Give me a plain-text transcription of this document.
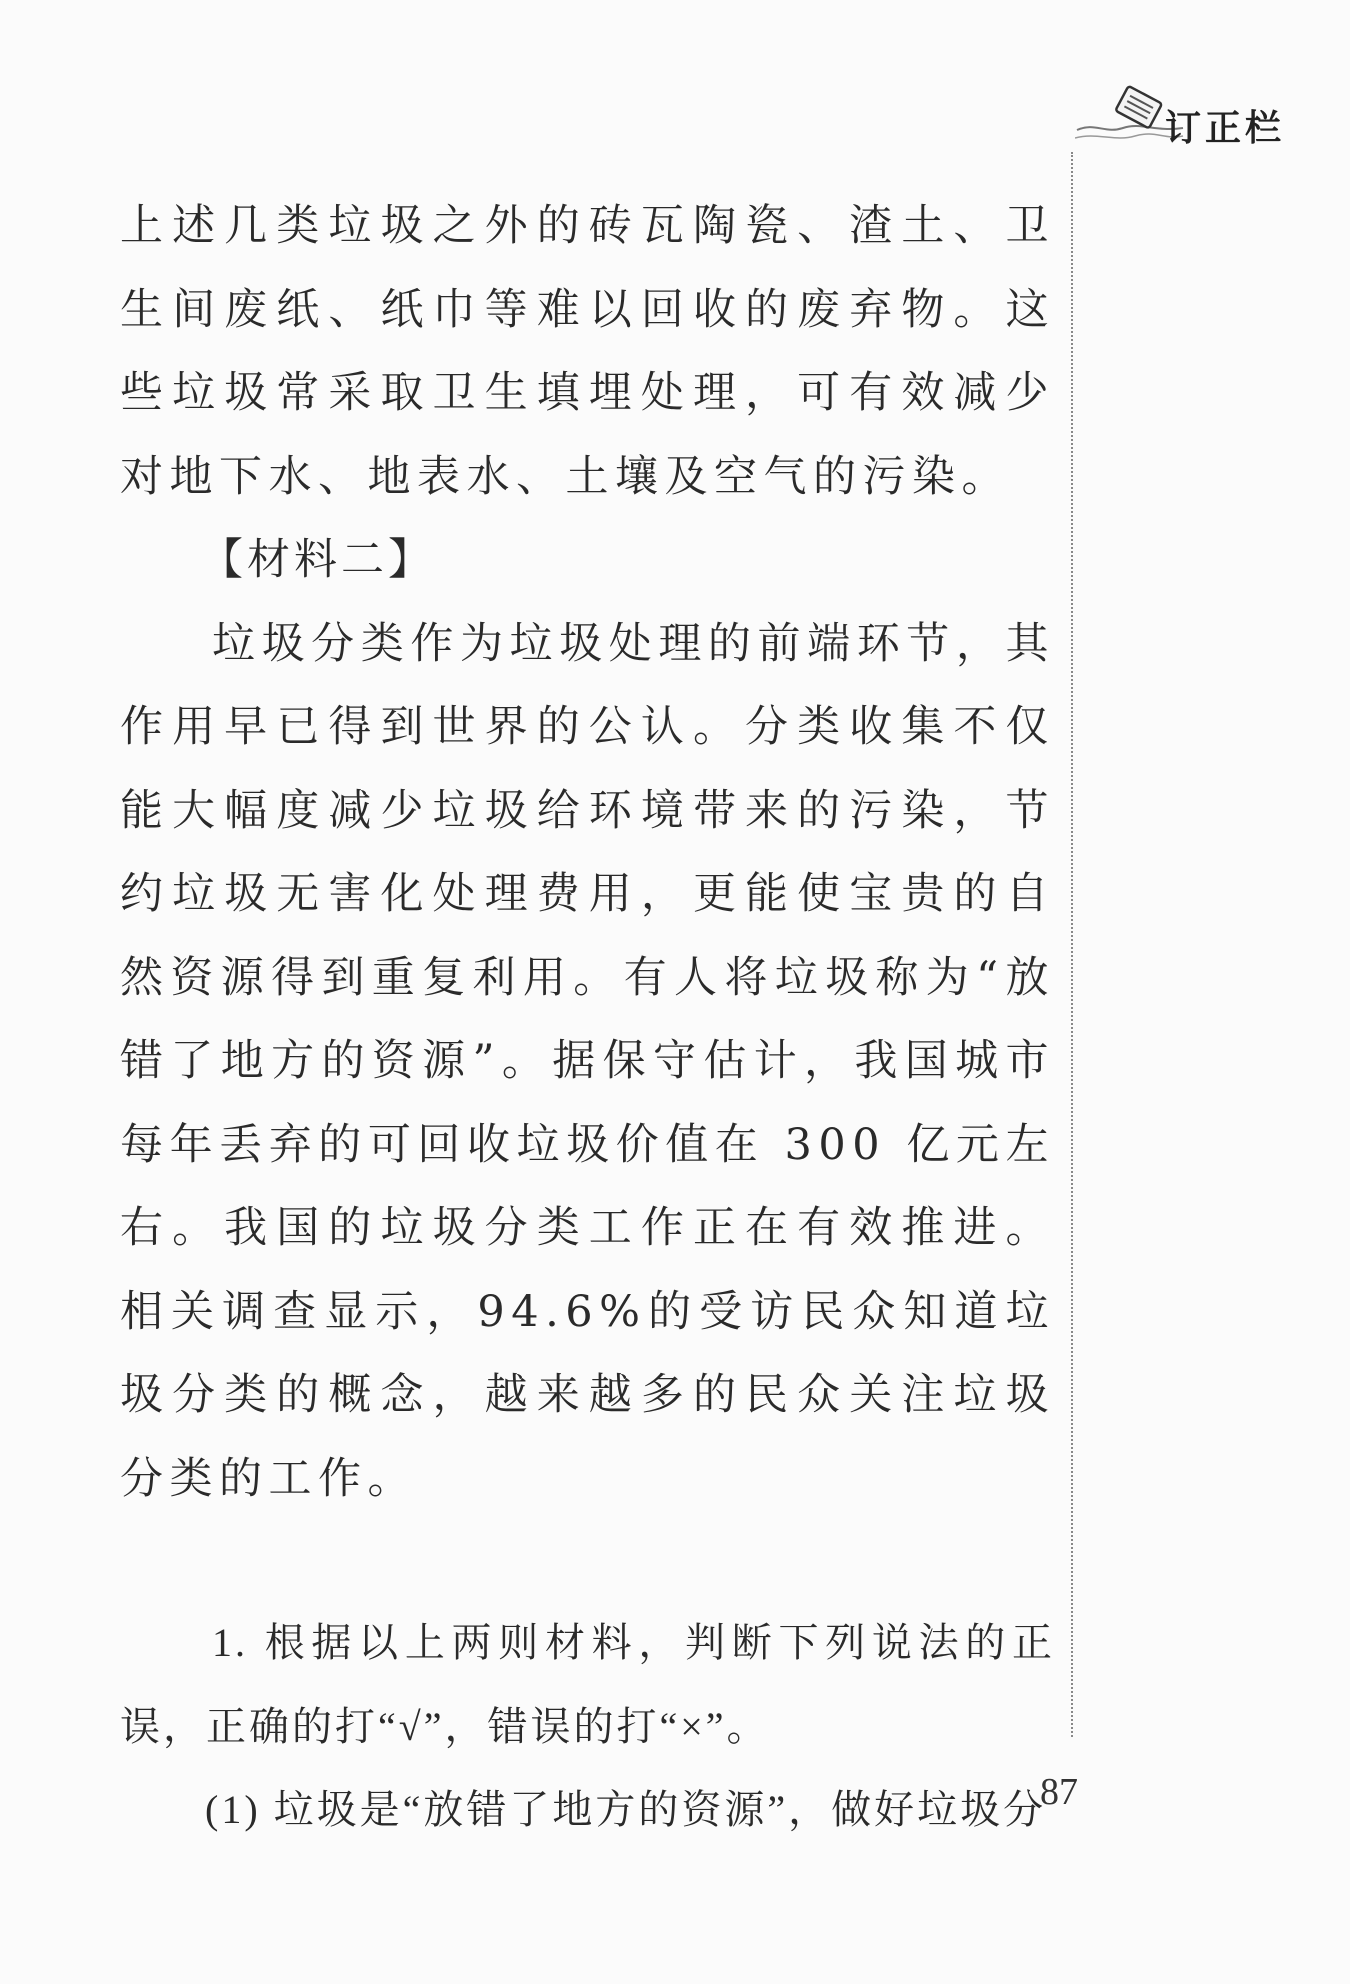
订正栏

上述几类垃圾之外的砖瓦陶瓷、渣土、卫生间废纸、纸巾等难以回收的废弃物。这些垃圾常采取卫生填埋处理，可有效减少对地下水、地表水、土壤及空气的污染。

【材料二】

垃圾分类作为垃圾处理的前端环节，其作用早已得到世界的公认。分类收集不仅能大幅度减少垃圾给环境带来的污染，节约垃圾无害化处理费用，更能使宝贵的自然资源得到重复利用。有人将垃圾称为“放错了地方的资源”。据保守估计，我国城市每年丢弃的可回收垃圾价值在 300 亿元左右。我国的垃圾分类工作正在有效推进。相关调查显示，94.6%的受访民众知道垃圾分类的概念，越来越多的民众关注垃圾分类的工作。

1. 根据以上两则材料，判断下列说法的正误，正确的打“√”，错误的打“×”。

(1) 垃圾是“放错了地方的资源”，做好垃圾分

87
